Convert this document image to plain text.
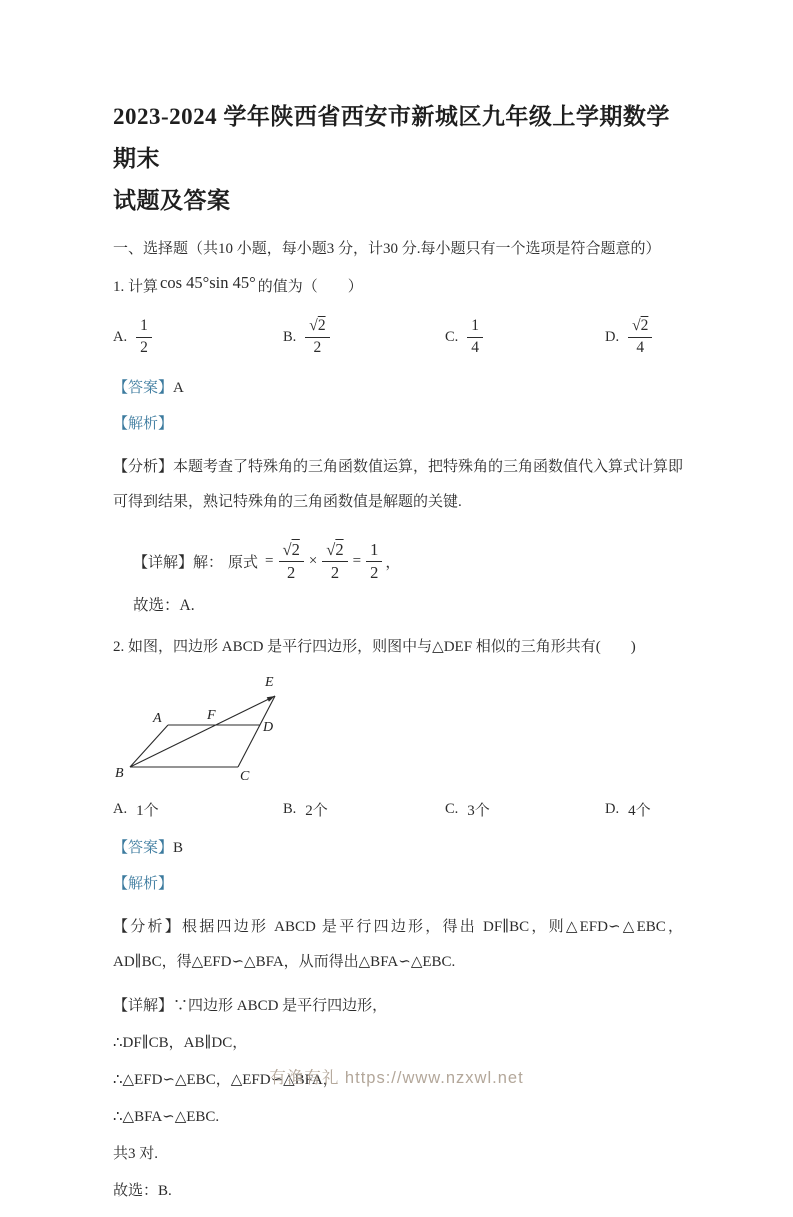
2023-2024 学年陕西省西安市新城区九年级上学期数学期末
试题及答案
一、选择题（共10 小题，每小题3 分，计30 分.每小题只有一个选项是符合题意的）

1. 计算 cos 45°sin 45° 的值为（　　）

A. $\frac{1}{2}$	B. $\frac{√2}{2}$	C. $\frac{1}{4}$	D. $\frac{√2}{4}$

【答案】A

【解析】

【分析】本题考查了特殊角的三角函数值运算，把特殊角的三角函数值代入算式计算即可得到结果，熟记特殊角的三角函数值是解题的关键.

【详解】解： 原式 = $\frac{√2}{2} \times \frac{√2}{2} = \frac{1}{2}$ ，

故选：A.

2. 如图，四边形 ABCD 是平行四边形，则图中与△DEF 相似的三角形共有(　　)

A
B	C
D
E
F
A. 1个	B. 2个	C. 3个	D. 4个

【答案】B

【解析】

【分析】根据四边形 ABCD 是平行四边形，得出 DF∥BC，则△EFD∽△EBC，AD∥BC，得△EFD∽△BFA，从而得出△BFA∽△EBC.

【详解】∵四边形 ABCD 是平行四边形，

∴DF∥CB，AB∥DC，

∴△EFD∽△EBC，△EFD∽△BFA，

∴△BFA∽△EBC.

共3 对.

故选：B.

有渔有礼 https://www.nzxwl.net
